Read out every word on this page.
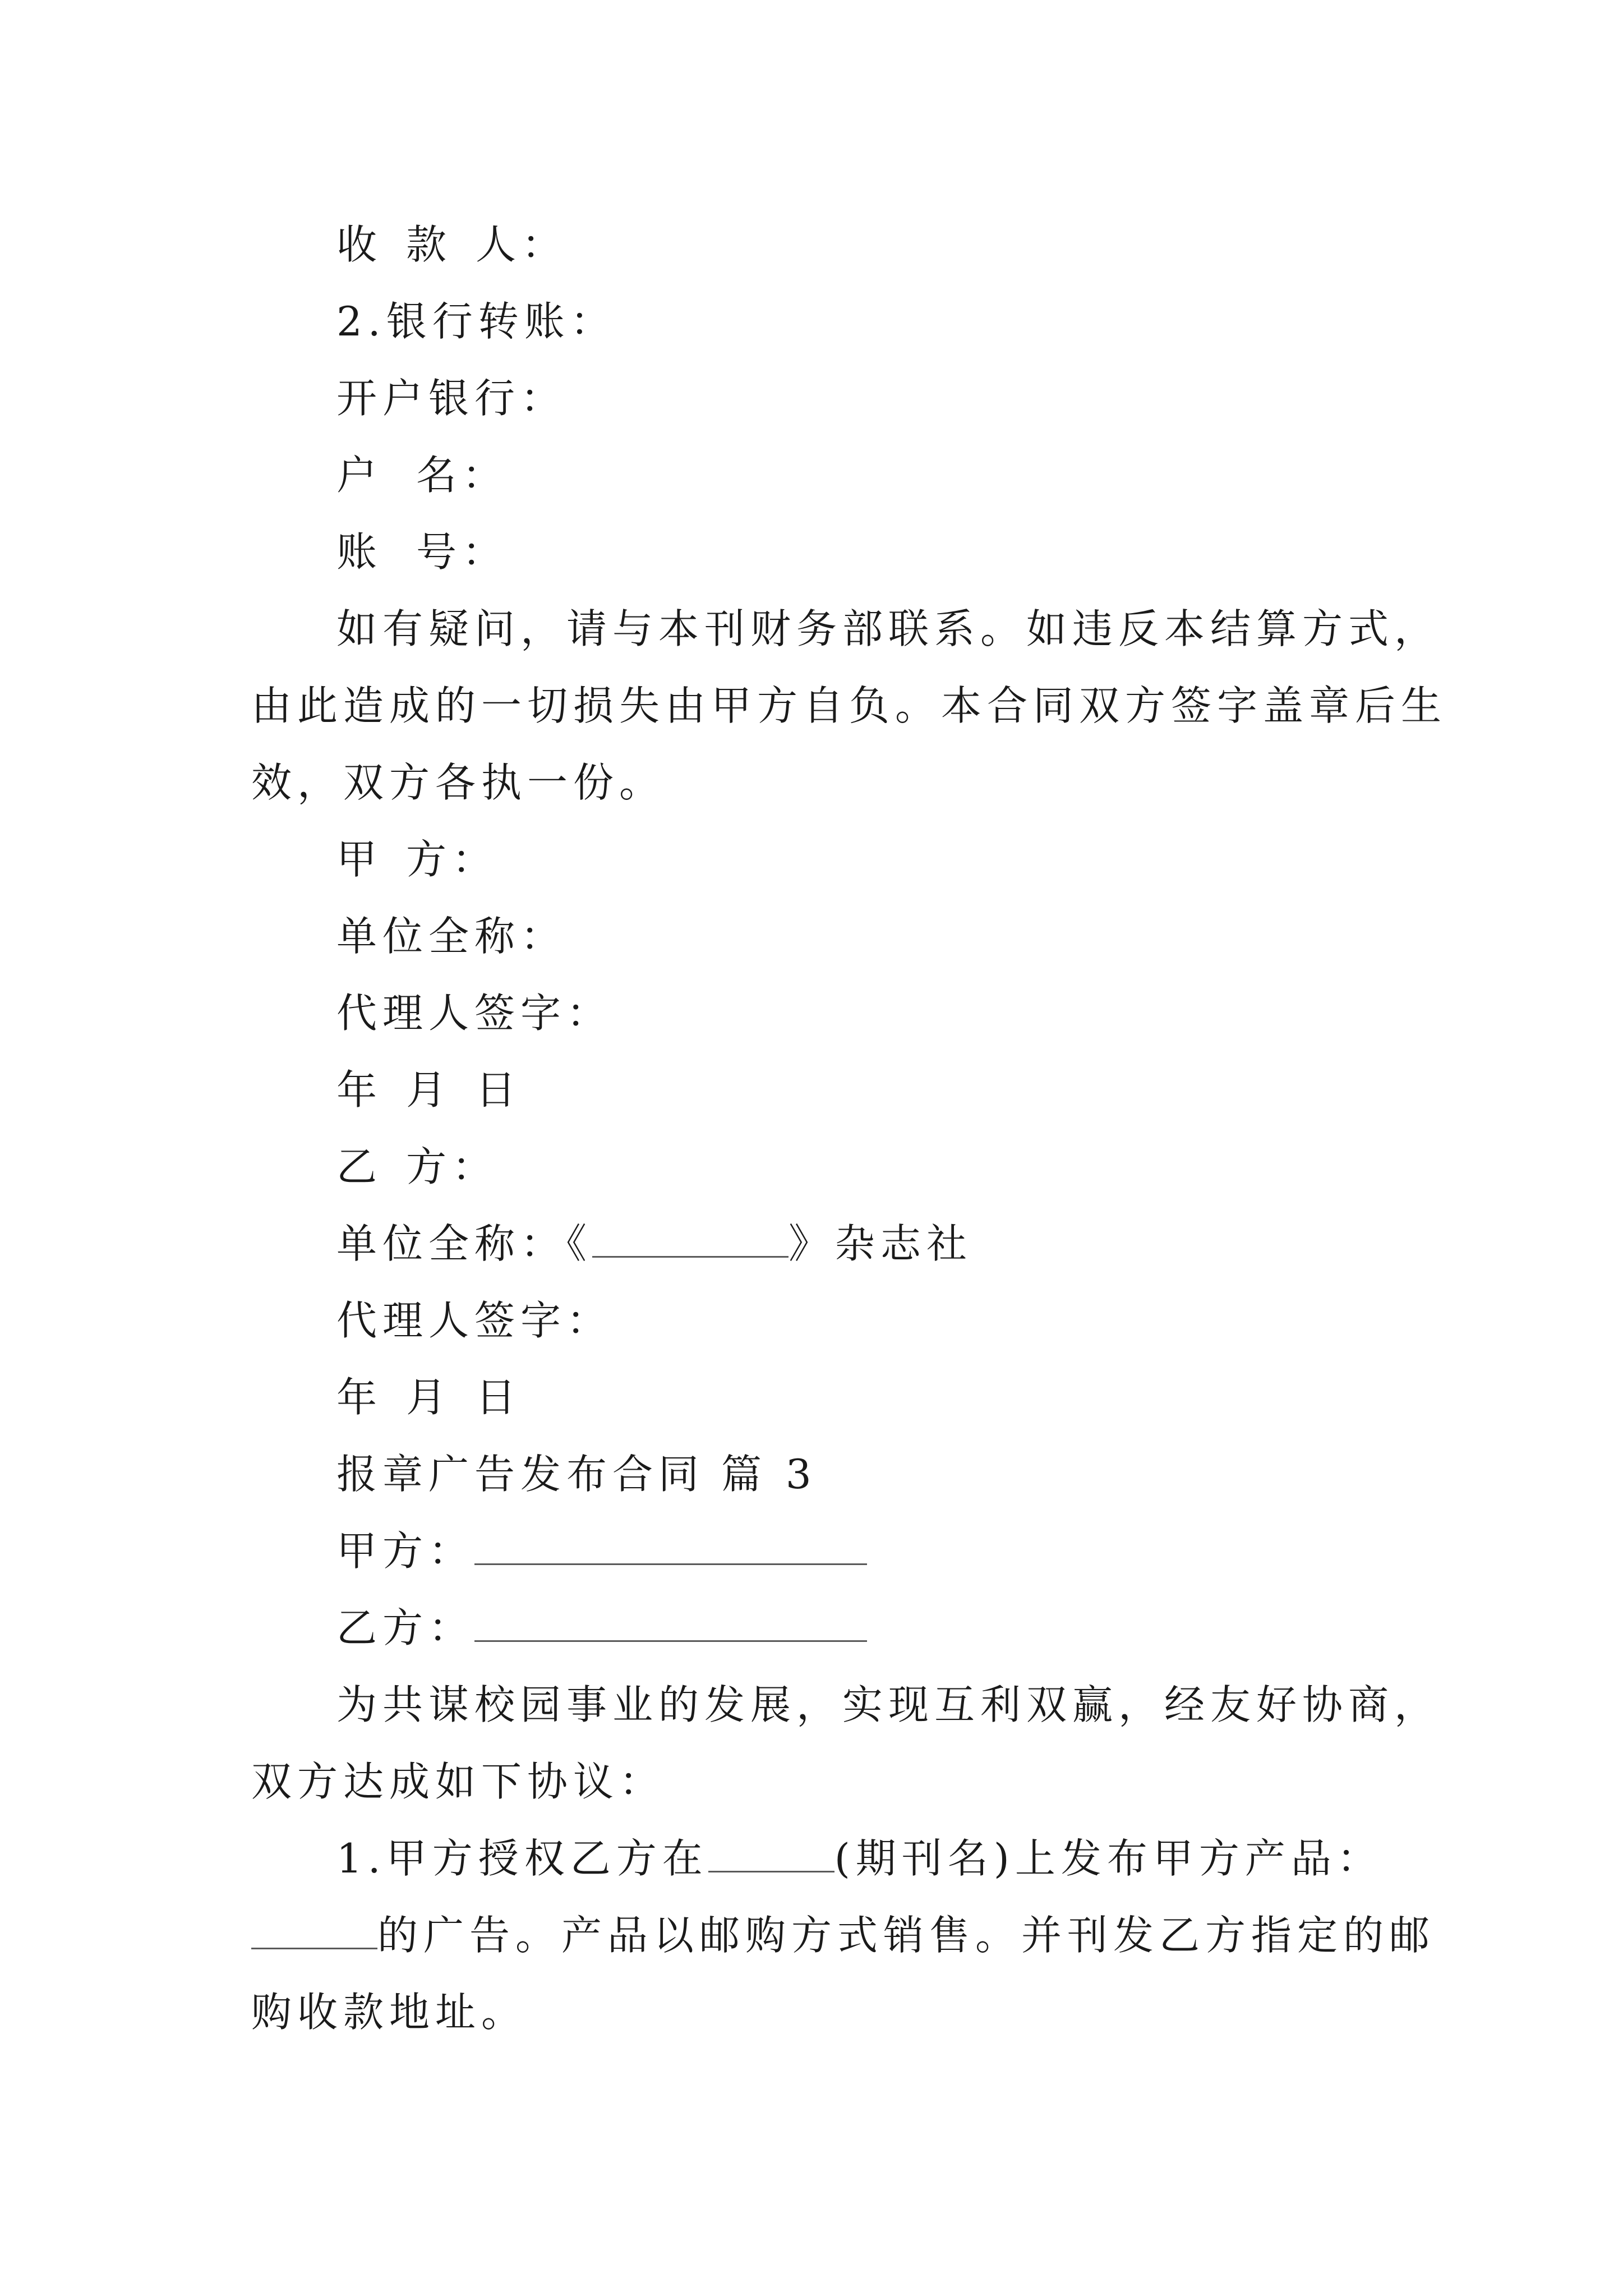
收 款 人：
2.银行转账：
开户银行：
户 名：
账 号：
如有疑问，请与本刊财务部联系。如违反本结算方式，
由此造成的一切损失由甲方自负。本合同双方签字盖章后生
效，双方各执一份。
甲 方：
单位全称：
代理人签字：
年 月 日
乙 方：
单位全称：《	》杂志社
代理人签字：
年 月 日
报章广告发布合同 篇 3
甲方：
乙方：
为共谋校园事业的发展，实现互利双赢，经友好协商，
双方达成如下协议：
1.甲方授权乙方在	(期刊名)上发布甲方产品：
的广告。产品以邮购方式销售。并刊发乙方指定的邮
购收款地址。
